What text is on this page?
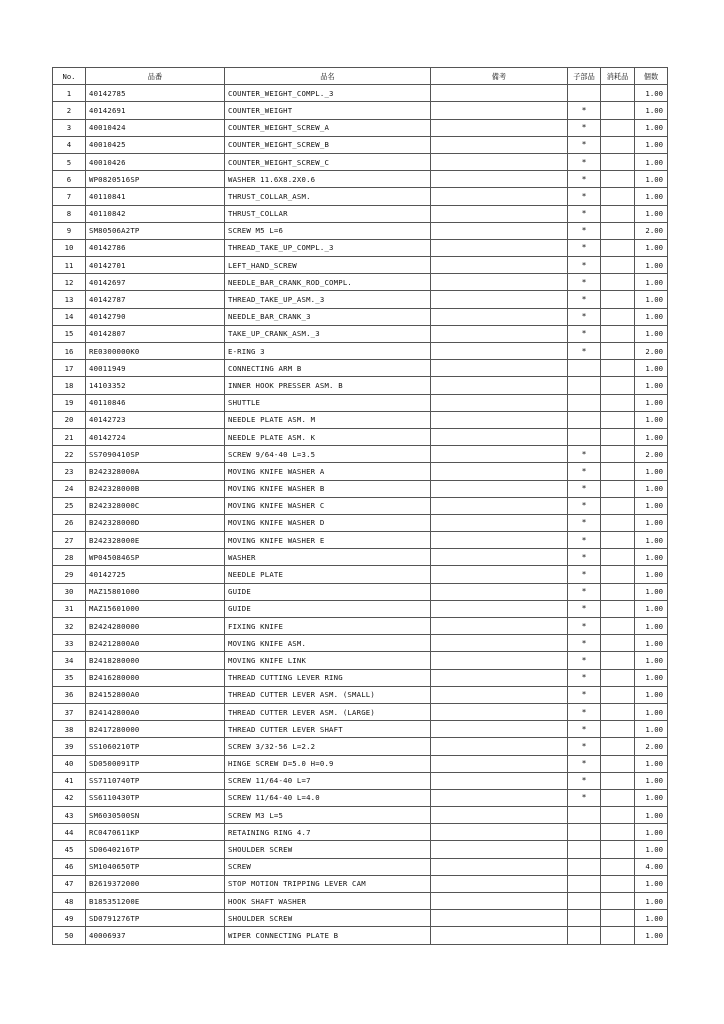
No.	品番	品名	備考	子部品	消耗品	個数
1	40142785	COUNTER_WEIGHT_COMPL._3				1.00
2	40142691	COUNTER_WEIGHT		*		1.00
3	40010424	COUNTER_WEIGHT_SCREW_A		*		1.00
4	40010425	COUNTER_WEIGHT_SCREW_B		*		1.00
5	40010426	COUNTER_WEIGHT_SCREW_C		*		1.00
6	WP0820516SP	WASHER 11.6X8.2X0.6		*		1.00
7	40110841	THRUST_COLLAR_ASM.		*		1.00
8	40110842	THRUST_COLLAR		*		1.00
9	SM80506A2TP	SCREW M5 L=6		*		2.00
10	40142786	THREAD_TAKE_UP_COMPL._3		*		1.00
11	40142701	LEFT_HAND_SCREW		*		1.00
12	40142697	NEEDLE_BAR_CRANK_ROD_COMPL.		*		1.00
13	40142787	THREAD_TAKE_UP_ASM._3		*		1.00
14	40142790	NEEDLE_BAR_CRANK_3		*		1.00
15	40142807	TAKE_UP_CRANK_ASM._3		*		1.00
16	RE0300000K0	E-RING 3		*		2.00
17	40011949	CONNECTING ARM B				1.00
18	14103352	INNER HOOK PRESSER ASM. B				1.00
19	40110846	SHUTTLE				1.00
20	40142723	NEEDLE PLATE ASM. M				1.00
21	40142724	NEEDLE PLATE ASM. K				1.00
22	SS7090410SP	SCREW 9/64-40 L=3.5		*		2.00
23	B242328000A	MOVING KNIFE WASHER A		*		1.00
24	B242328000B	MOVING KNIFE WASHER B		*		1.00
25	B242328000C	MOVING KNIFE WASHER C		*		1.00
26	B242328000D	MOVING KNIFE WASHER D		*		1.00
27	B242328000E	MOVING KNIFE WASHER E		*		1.00
28	WP0450846SP	WASHER		*		1.00
29	40142725	NEEDLE PLATE		*		1.00
30	MAZ15801000	GUIDE		*		1.00
31	MAZ15601000	GUIDE		*		1.00
32	B2424280000	FIXING KNIFE		*		1.00
33	B24212800A0	MOVING KNIFE ASM.		*		1.00
34	B2418280000	MOVING KNIFE LINK		*		1.00
35	B2416280000	THREAD CUTTING LEVER RING		*		1.00
36	B24152800A0	THREAD CUTTER LEVER ASM. (SMALL)		*		1.00
37	B24142800A0	THREAD CUTTER LEVER ASM. (LARGE)		*		1.00
38	B2417280000	THREAD CUTTER LEVER SHAFT		*		1.00
39	SS1060210TP	SCREW 3/32-56 L=2.2		*		2.00
40	SD0500091TP	HINGE SCREW D=5.0 H=0.9		*		1.00
41	SS7110740TP	SCREW 11/64-40 L=7		*		1.00
42	SS6110430TP	SCREW 11/64-40 L=4.0		*		1.00
43	SM6030500SN	SCREW M3 L=5				1.00
44	RC0470611KP	RETAINING RING 4.7				1.00
45	SD0640216TP	SHOULDER SCREW				1.00
46	SM1040650TP	SCREW				4.00
47	B2619372000	STOP MOTION TRIPPING LEVER CAM				1.00
48	B185351200E	HOOK SHAFT WASHER				1.00
49	SD0791276TP	SHOULDER SCREW				1.00
50	40006937	WIPER CONNECTING PLATE B				1.00
